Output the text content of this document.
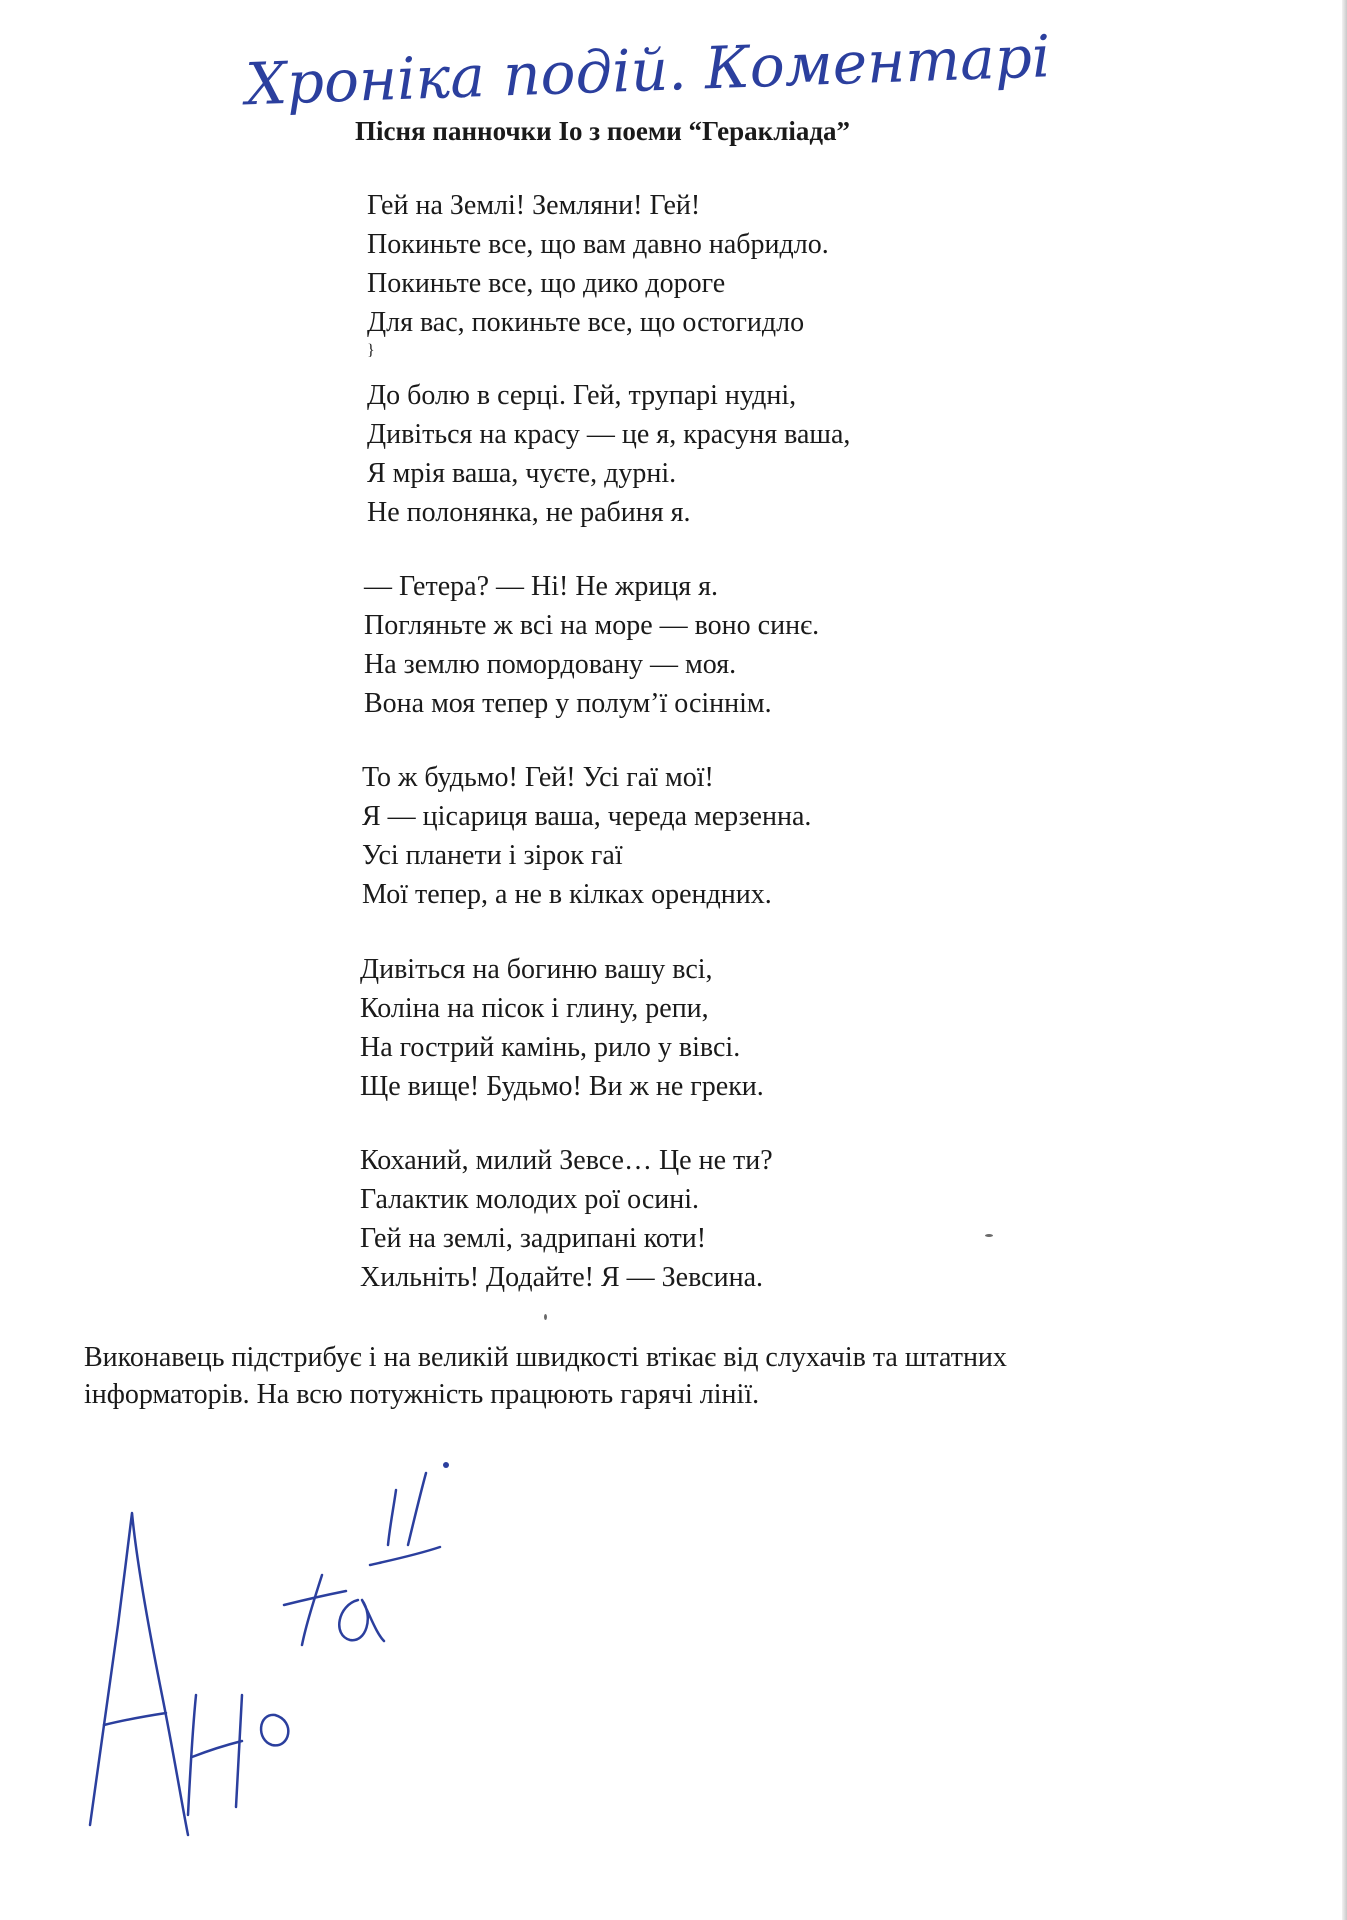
Хроніка подій. Коментарі
Пісня панночки Іо з поеми “Гераклiада”
Гей на Землі! Земляни! Гей!
Покиньте все, що вам давно набридло.
Покиньте все, що дико дороге
Для вас, покиньте все, що остогидло
}
До болю в серці. Гей, трупарі нудні,
Дивіться на красу — це я, красуня ваша,
Я мрія ваша, чуєте, дурні.
Не полонянка, не рабиня я.
— Гетера? — Ні! Не жриця я.
Погляньте ж всі на море — воно синє.
На землю помордовану — моя.
Вона моя тепер у полум’ї осіннім.
То ж будьмо! Гей! Усі гаї мої!
Я — цісариця ваша, череда мерзенна.
Усі планети і зірок гаї
Мої тепер, а не в кілках орендних.
Дивіться на богиню вашу всі,
Коліна на пісок і глину, репи,
На гострий камінь, рило у вівсі.
Ще вище! Будьмо! Ви ж не греки.
Коханий, милий Зевсе… Це не ти?
Галактик молодих рої осині.
Гей на землі, задрипані коти!
Хильніть! Додайте! Я — Зевсина.

Виконавець підстрибує і на великій швидкості втікає від слухачів та штатних

інформаторів. На всю потужність працюють гарячі лінії.
